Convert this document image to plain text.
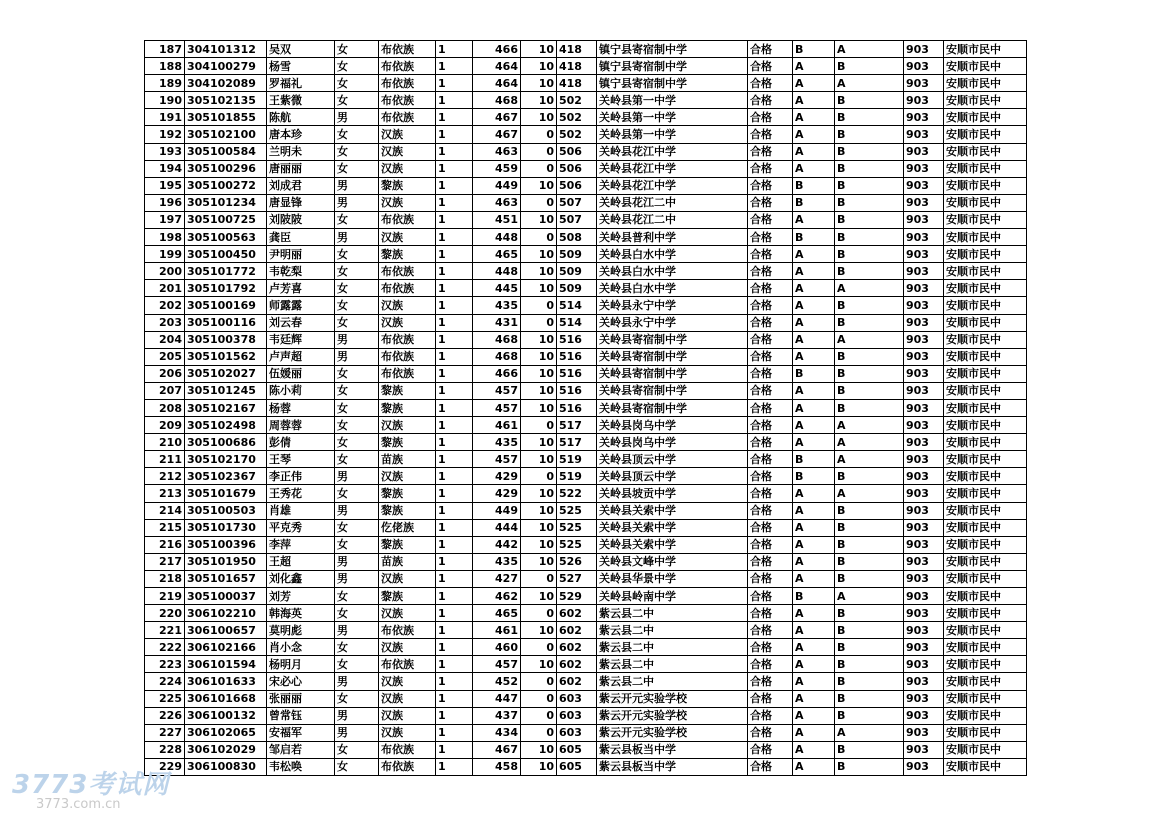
187	304101312	吴双	女	布依族	1	466	10	418	镇宁县寄宿制中学	合格	B	A	903	安顺市民中
188	304100279	杨雪	女	布依族	1	464	10	418	镇宁县寄宿制中学	合格	A	B	903	安顺市民中
189	304102089	罗福礼	女	布依族	1	464	10	418	镇宁县寄宿制中学	合格	A	A	903	安顺市民中
190	305102135	王紫微	女	布依族	1	468	10	502	关岭县第一中学	合格	A	B	903	安顺市民中
191	305101855	陈航	男	布依族	1	467	10	502	关岭县第一中学	合格	A	B	903	安顺市民中
192	305102100	唐本珍	女	汉族	1	467	0	502	关岭县第一中学	合格	A	B	903	安顺市民中
193	305100584	兰明未	女	汉族	1	463	0	506	关岭县花江中学	合格	A	B	903	安顺市民中
194	305100296	唐丽丽	女	汉族	1	459	0	506	关岭县花江中学	合格	A	B	903	安顺市民中
195	305100272	刘成君	男	黎族	1	449	10	506	关岭县花江中学	合格	B	B	903	安顺市民中
196	305101234	唐显锋	男	汉族	1	463	0	507	关岭县花江二中	合格	B	B	903	安顺市民中
197	305100725	刘陂陂	女	布依族	1	451	10	507	关岭县花江二中	合格	A	B	903	安顺市民中
198	305100563	龚臣	男	汉族	1	448	0	508	关岭县普利中学	合格	B	B	903	安顺市民中
199	305100450	尹明丽	女	黎族	1	465	10	509	关岭县白水中学	合格	A	B	903	安顺市民中
200	305101772	韦乾梨	女	布依族	1	448	10	509	关岭县白水中学	合格	A	B	903	安顺市民中
201	305101792	卢芳喜	女	布依族	1	445	10	509	关岭县白水中学	合格	A	A	903	安顺市民中
202	305100169	师露露	女	汉族	1	435	0	514	关岭县永宁中学	合格	A	B	903	安顺市民中
203	305100116	刘云春	女	汉族	1	431	0	514	关岭县永宁中学	合格	A	B	903	安顺市民中
204	305100378	韦廷辉	男	布依族	1	468	10	516	关岭县寄宿制中学	合格	A	A	903	安顺市民中
205	305101562	卢声超	男	布依族	1	468	10	516	关岭县寄宿制中学	合格	A	B	903	安顺市民中
206	305102027	伍媛丽	女	布依族	1	466	10	516	关岭县寄宿制中学	合格	B	B	903	安顺市民中
207	305101245	陈小莉	女	黎族	1	457	10	516	关岭县寄宿制中学	合格	A	B	903	安顺市民中
208	305102167	杨蓉	女	黎族	1	457	10	516	关岭县寄宿制中学	合格	A	B	903	安顺市民中
209	305102498	周蓉蓉	女	汉族	1	461	0	517	关岭县岗乌中学	合格	A	A	903	安顺市民中
210	305100686	彭倩	女	黎族	1	435	10	517	关岭县岗乌中学	合格	A	A	903	安顺市民中
211	305102170	王琴	女	苗族	1	457	10	519	关岭县顶云中学	合格	B	A	903	安顺市民中
212	305102367	李正伟	男	汉族	1	429	0	519	关岭县顶云中学	合格	B	B	903	安顺市民中
213	305101679	王秀花	女	黎族	1	429	10	522	关岭县坡贡中学	合格	A	A	903	安顺市民中
214	305100503	肖雄	男	黎族	1	449	10	525	关岭县关索中学	合格	A	B	903	安顺市民中
215	305101730	平克秀	女	仡佬族	1	444	10	525	关岭县关索中学	合格	A	B	903	安顺市民中
216	305100396	李萍	女	黎族	1	442	10	525	关岭县关索中学	合格	A	B	903	安顺市民中
217	305101950	王超	男	苗族	1	435	10	526	关岭县文峰中学	合格	A	B	903	安顺市民中
218	305101657	刘化鑫	男	汉族	1	427	0	527	关岭县华景中学	合格	A	B	903	安顺市民中
219	305100037	刘芳	女	黎族	1	462	10	529	关岭县岭南中学	合格	B	A	903	安顺市民中
220	306102210	韩海英	女	汉族	1	465	0	602	紫云县二中	合格	A	B	903	安顺市民中
221	306100657	莫明彪	男	布依族	1	461	10	602	紫云县二中	合格	A	B	903	安顺市民中
222	306102166	肖小念	女	汉族	1	460	0	602	紫云县二中	合格	A	B	903	安顺市民中
223	306101594	杨明月	女	布依族	1	457	10	602	紫云县二中	合格	A	B	903	安顺市民中
224	306101633	宋必心	男	汉族	1	452	0	602	紫云县二中	合格	A	B	903	安顺市民中
225	306101668	张丽丽	女	汉族	1	447	0	603	紫云开元实验学校	合格	A	B	903	安顺市民中
226	306100132	曾常钰	男	汉族	1	437	0	603	紫云开元实验学校	合格	A	B	903	安顺市民中
227	306102065	安福军	男	汉族	1	434	0	603	紫云开元实验学校	合格	A	A	903	安顺市民中
228	306102029	邹启若	女	布依族	1	467	10	605	紫云县板当中学	合格	A	B	903	安顺市民中
229	306100830	韦松唤	女	布依族	1	458	10	605	紫云县板当中学	合格	A	B	903	安顺市民中
3773考试网
3773.com.cn
